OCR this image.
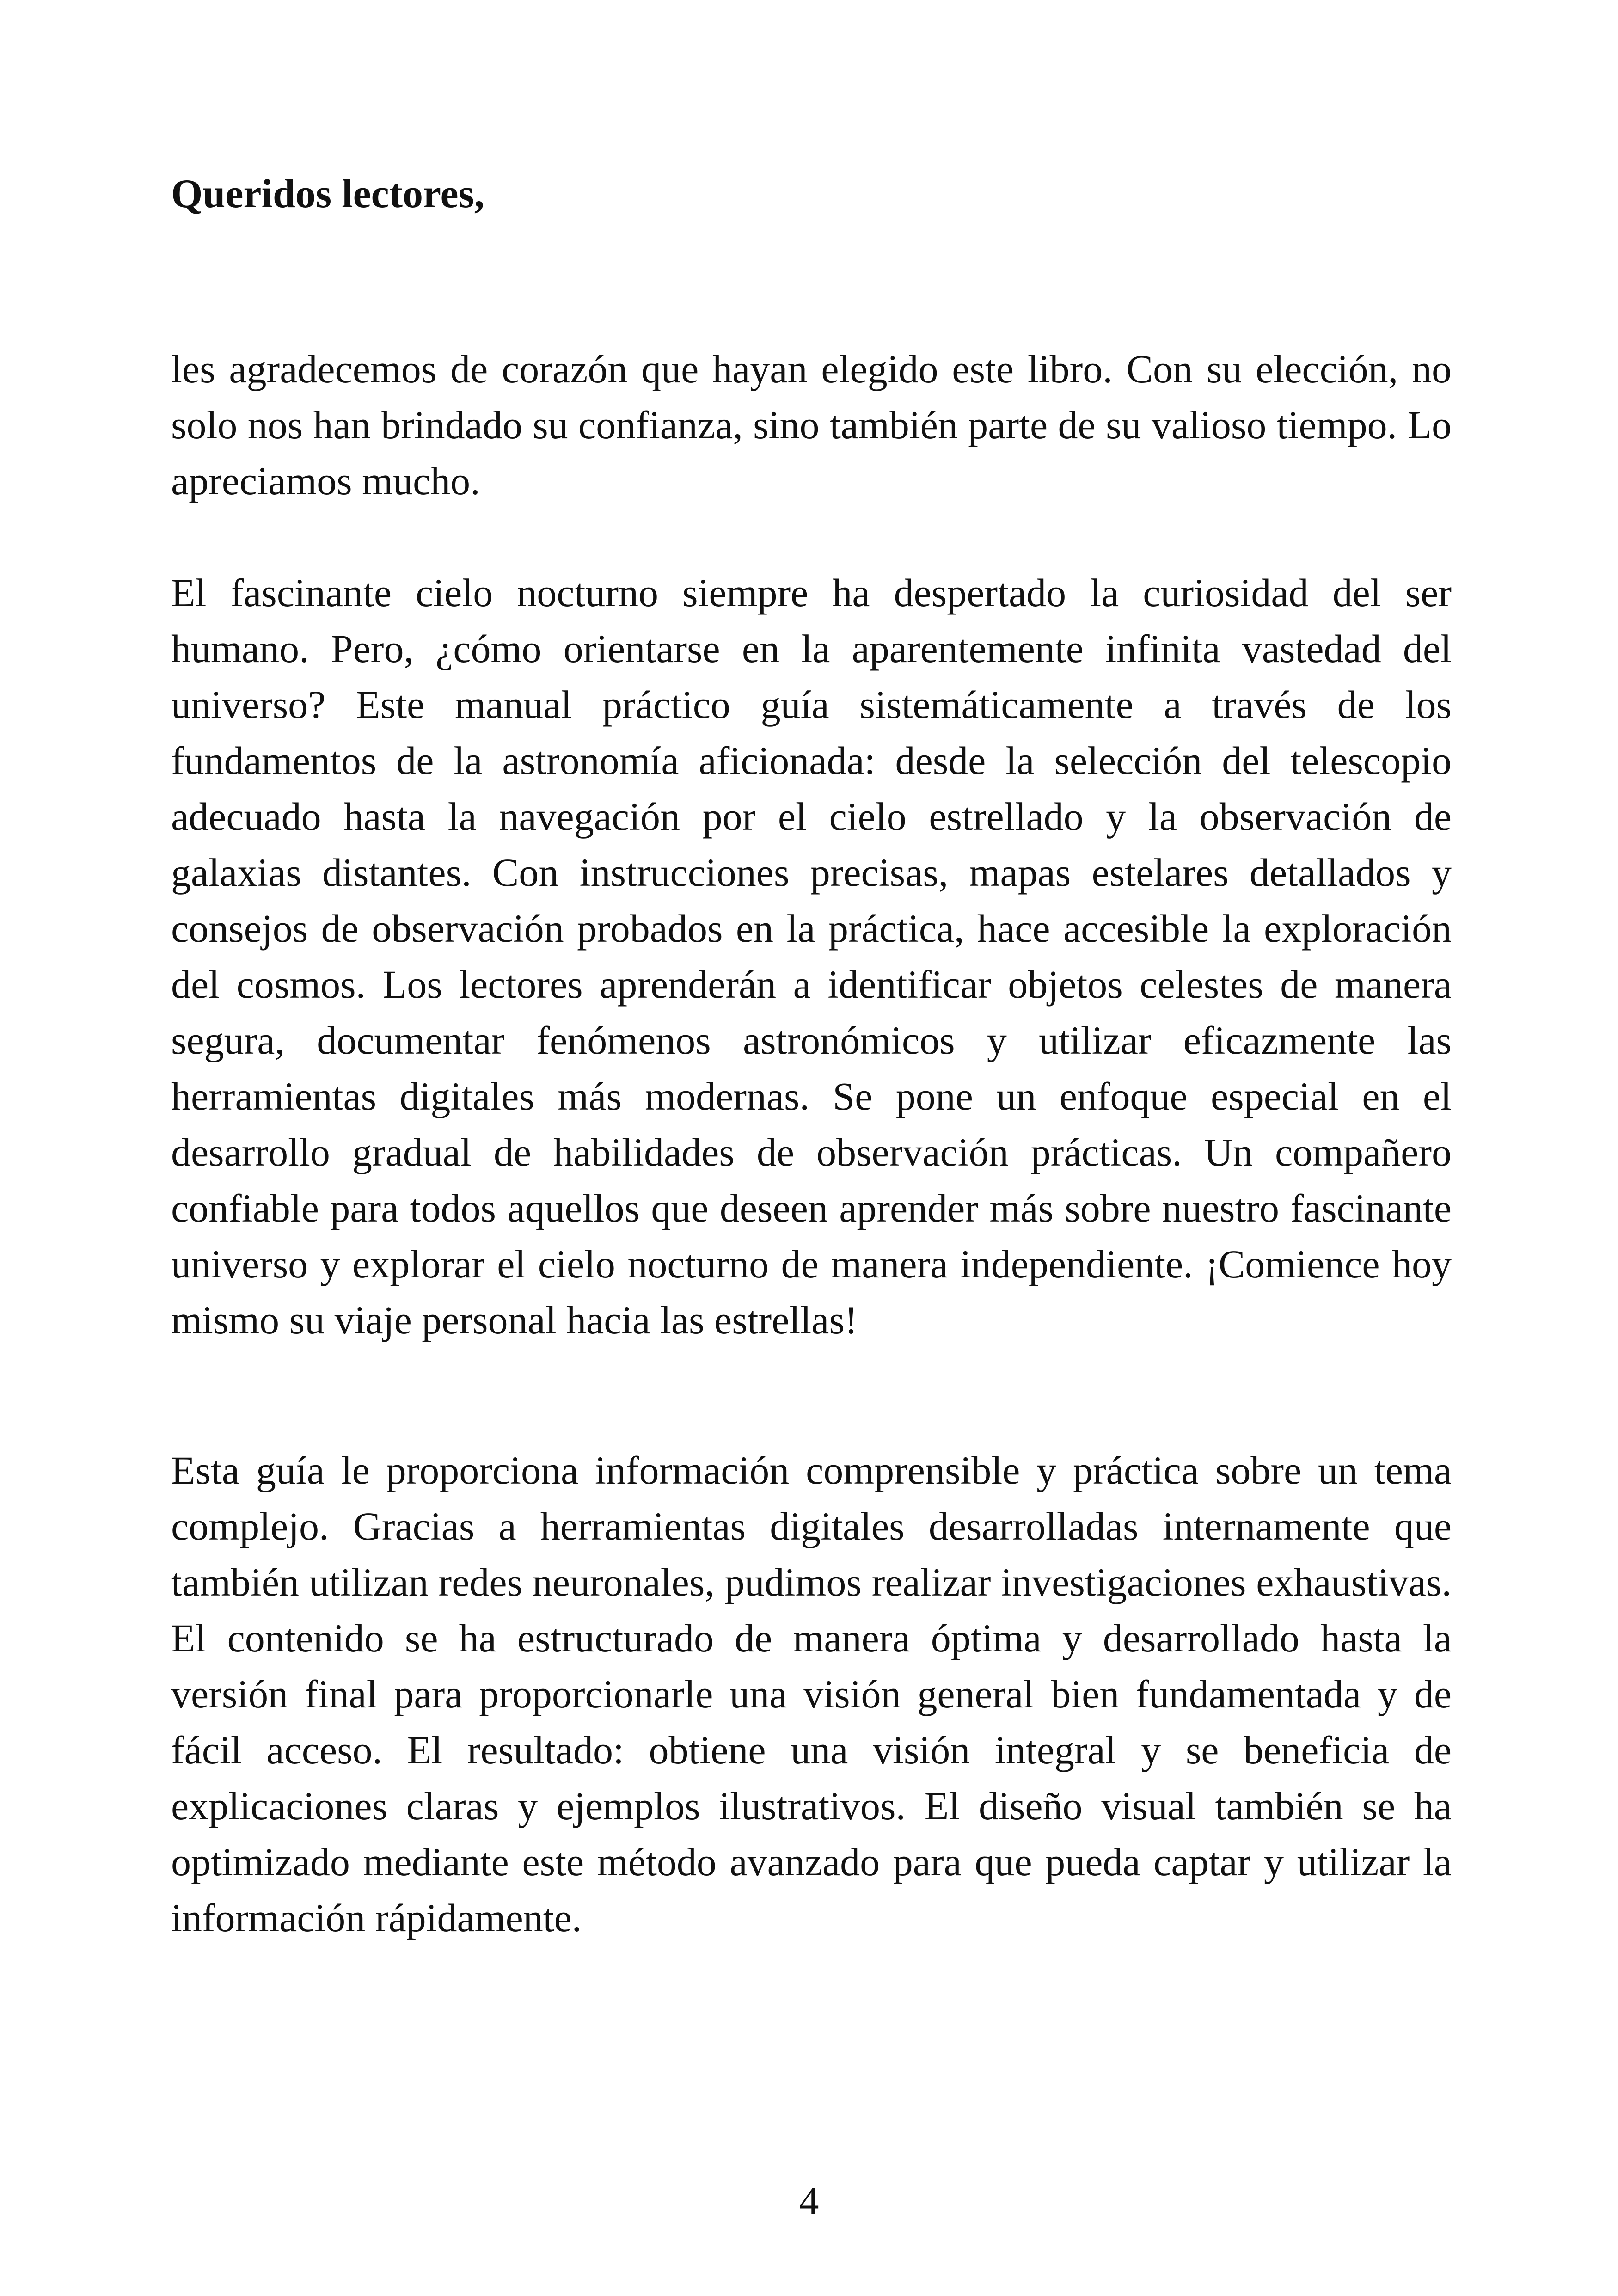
Queridos lectores,

les agradecemos de corazón que hayan elegido este libro. Con su elección, no solo nos han brindado su confianza, sino también parte de su valioso tiempo. Lo apreciamos mucho.

El fascinante cielo nocturno siempre ha despertado la curiosidad del ser humano. Pero, ¿cómo orientarse en la aparentemente infinita vastedad del universo? Este manual práctico guía sistemáticamente a través de los fundamentos de la astronomía aficionada: desde la selección del telescopio adecuado hasta la navegación por el cielo estrellado y la observación de galaxias distantes. Con instrucciones precisas, mapas estelares detallados y consejos de observación probados en la práctica, hace accesible la exploración del cosmos. Los lectores aprenderán a identificar objetos celestes de manera segura, documentar fenómenos astronómicos y utilizar eficazmente las herramientas digitales más modernas. Se pone un enfoque especial en el desarrollo gradual de habilidades de observación prácticas. Un compañero confiable para todos aquellos que deseen aprender más sobre nuestro fascinante universo y explorar el cielo nocturno de manera independiente. ¡Comience hoy mismo su viaje personal hacia las estrellas!

Esta guía le proporciona información comprensible y práctica sobre un tema complejo. Gracias a herramientas digitales desarrolladas internamente que también utilizan redes neuronales, pudimos realizar investigaciones exhaustivas. El contenido se ha estructurado de manera óptima y desarrollado hasta la versión final para proporcionarle una visión general bien fundamentada y de fácil acceso. El resultado: obtiene una visión integral y se beneficia de explicaciones claras y ejemplos ilustrativos. El diseño visual también se ha optimizado mediante este método avanzado para que pueda captar y utilizar la información rápidamente.

4
